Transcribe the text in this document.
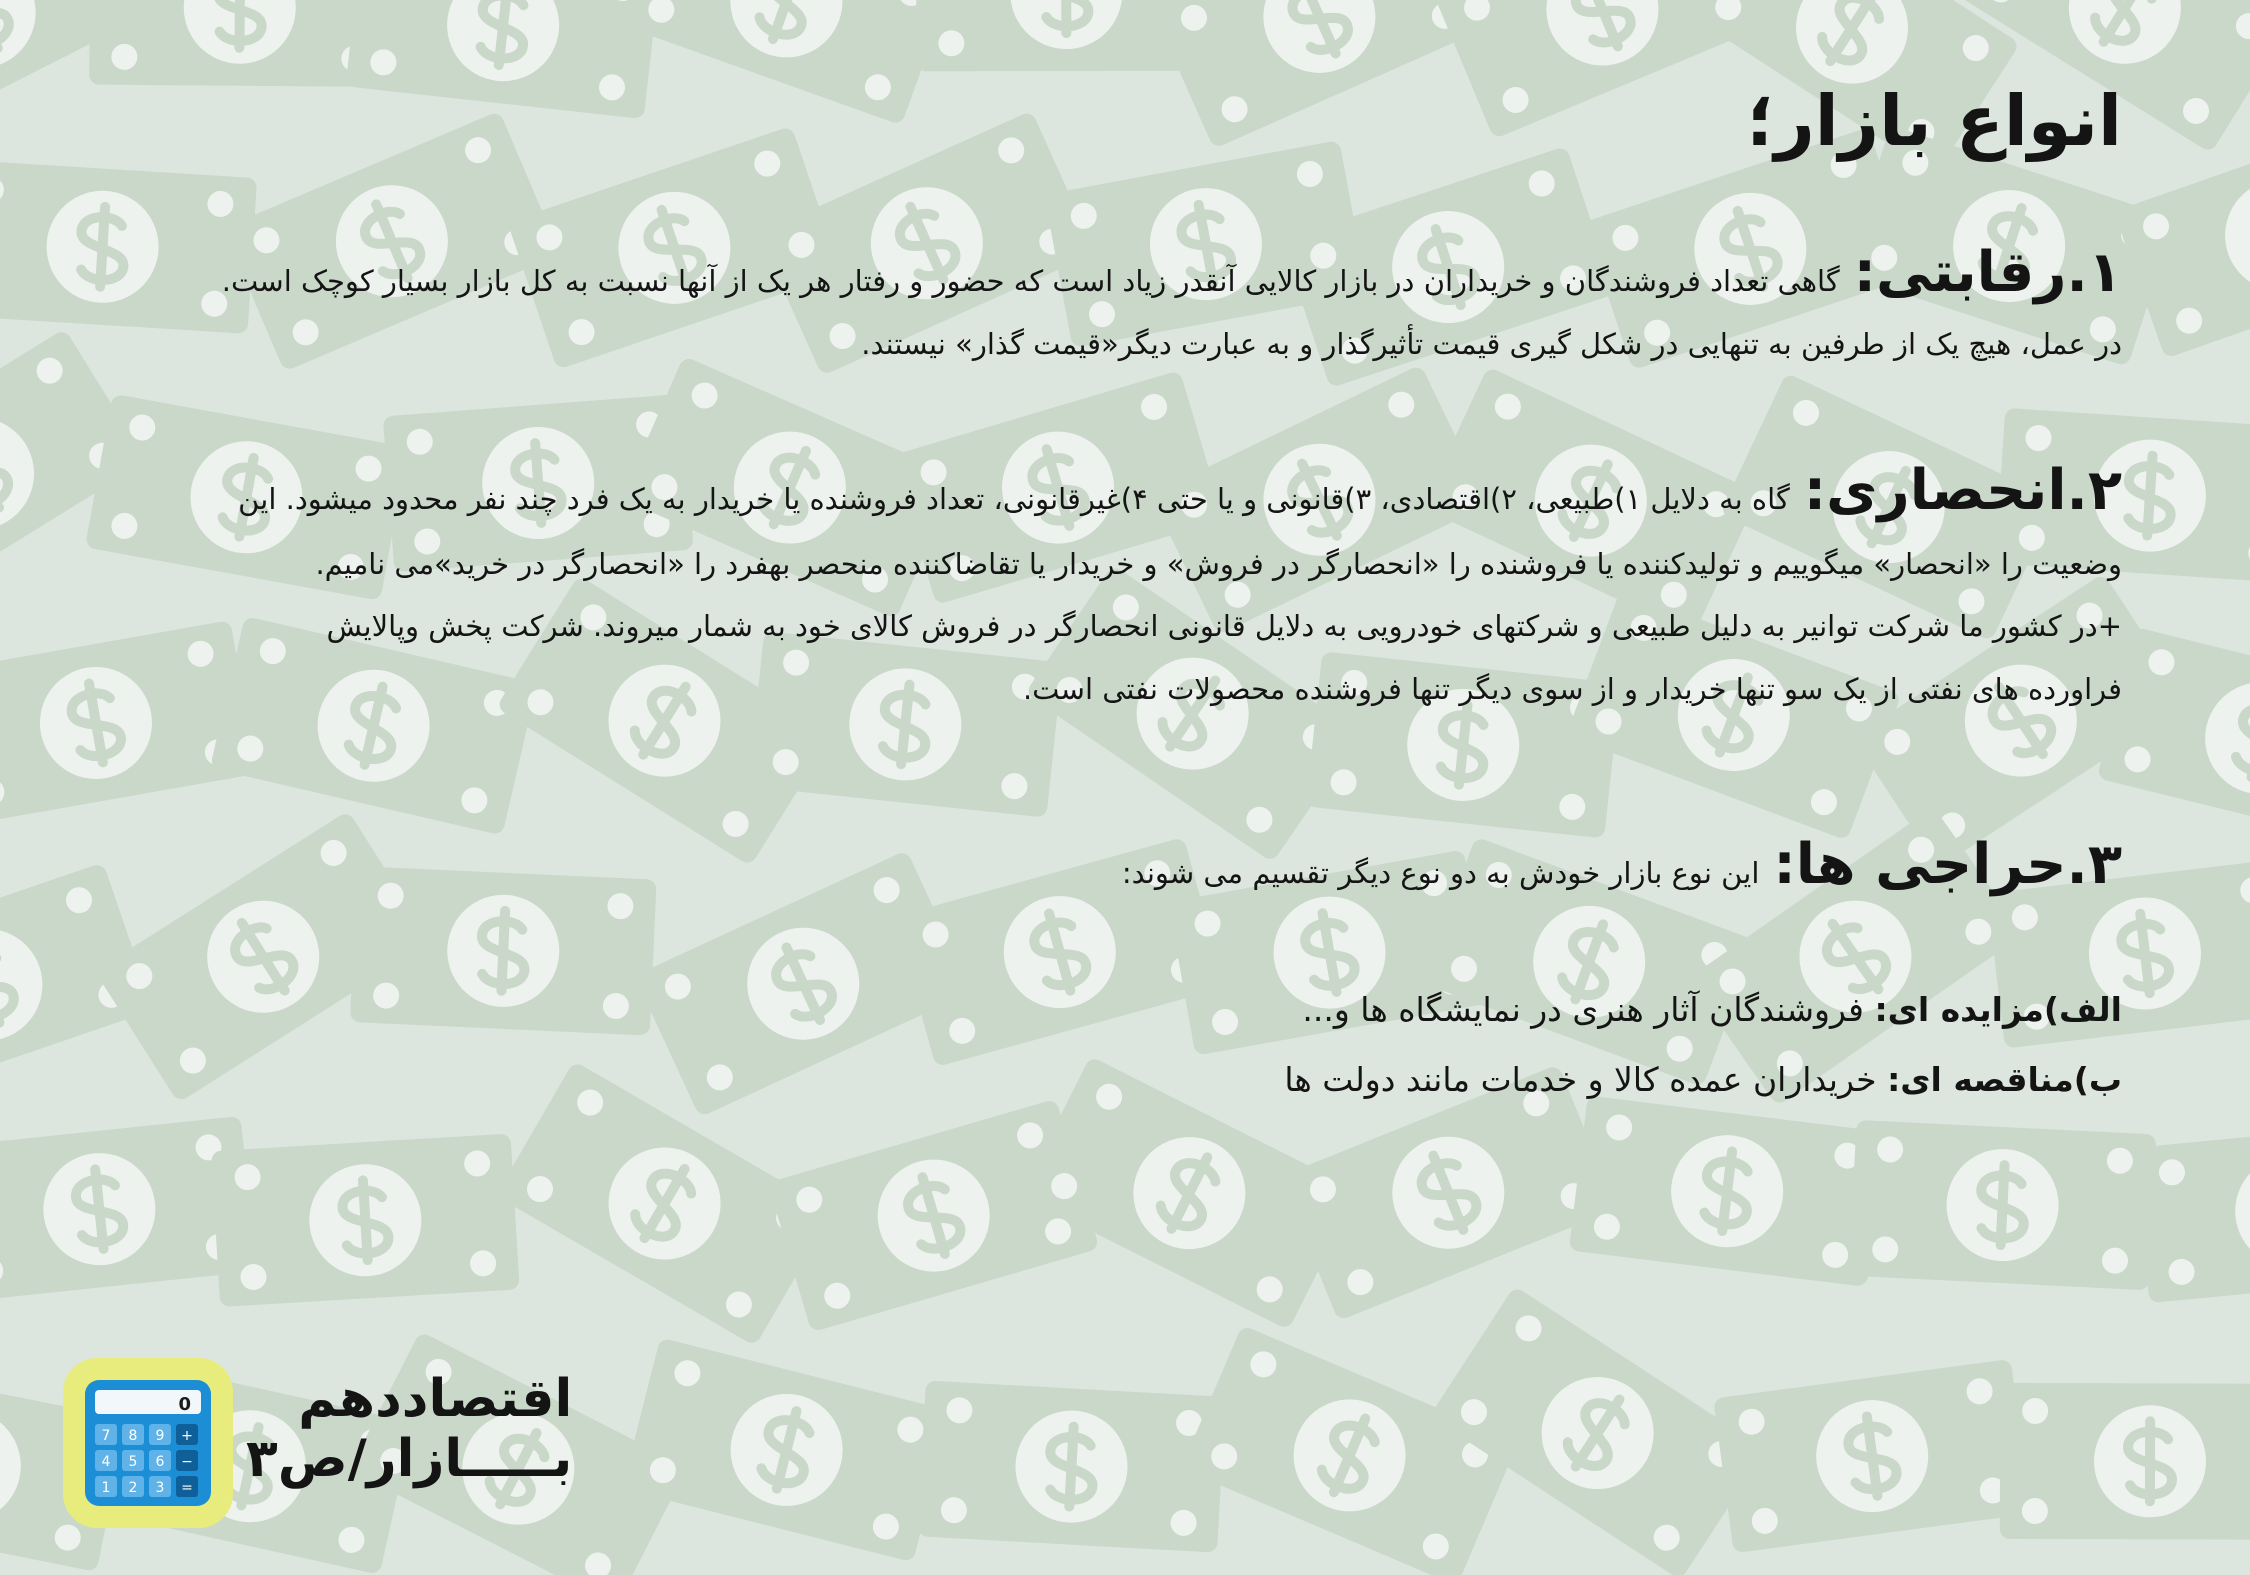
انواع بازار؛
۱.رقابتی:
گاهی تعداد فروشندگان و خریداران در بازار کالایی آنقدر زیاد است که حضور و رفتار هر یک از آنها نسبت به کل بازار بسیار کوچک است.
در عمل، هیچ یک از طرفین به تنهایی در شکل گیری قیمت تأثیرگذار و به عبارت دیگر«قیمت گذار» نیستند.
۲.انحصاری:
گاه به دلایل ۱)طبیعی، ۲)اقتصادی، ۳)قانونی و یا حتی ۴)غیرقانونی، تعداد فروشنده یا خریدار به یک فرد چند نفر محدود میشود. این
وضعیت را «انحصار» میگوییم و تولیدکننده یا فروشنده را «انحصارگر در فروش» و خریدار یا تقاضاکننده منحصر بهفرد را «انحصارگر در خرید»می نامیم.
+در کشور ما شرکت توانیر به دلیل طبیعی و شرکتهای خودرویی به دلایل قانونی انحصارگر در فروش کالای خود به شمار میروند. شرکت پخش وپالایش
فراورده های نفتی از یک سو تنها خریدار و از سوی دیگر تنها فروشنده محصولات نفتی است.
۳.حراجی ها:
این نوع بازار خودش به دو نوع دیگر تقسیم می شوند:
الف)مزایده ای: فروشندگان آثار هنری در نمایشگاه ها و...
ب)مناقصه ای: خریداران عمده کالا و خدمات مانند دولت ها
0
7 8 9 +
4 5 6 −
1 2 3 =
اقتصاددهم
بـــــازار/ص۳
